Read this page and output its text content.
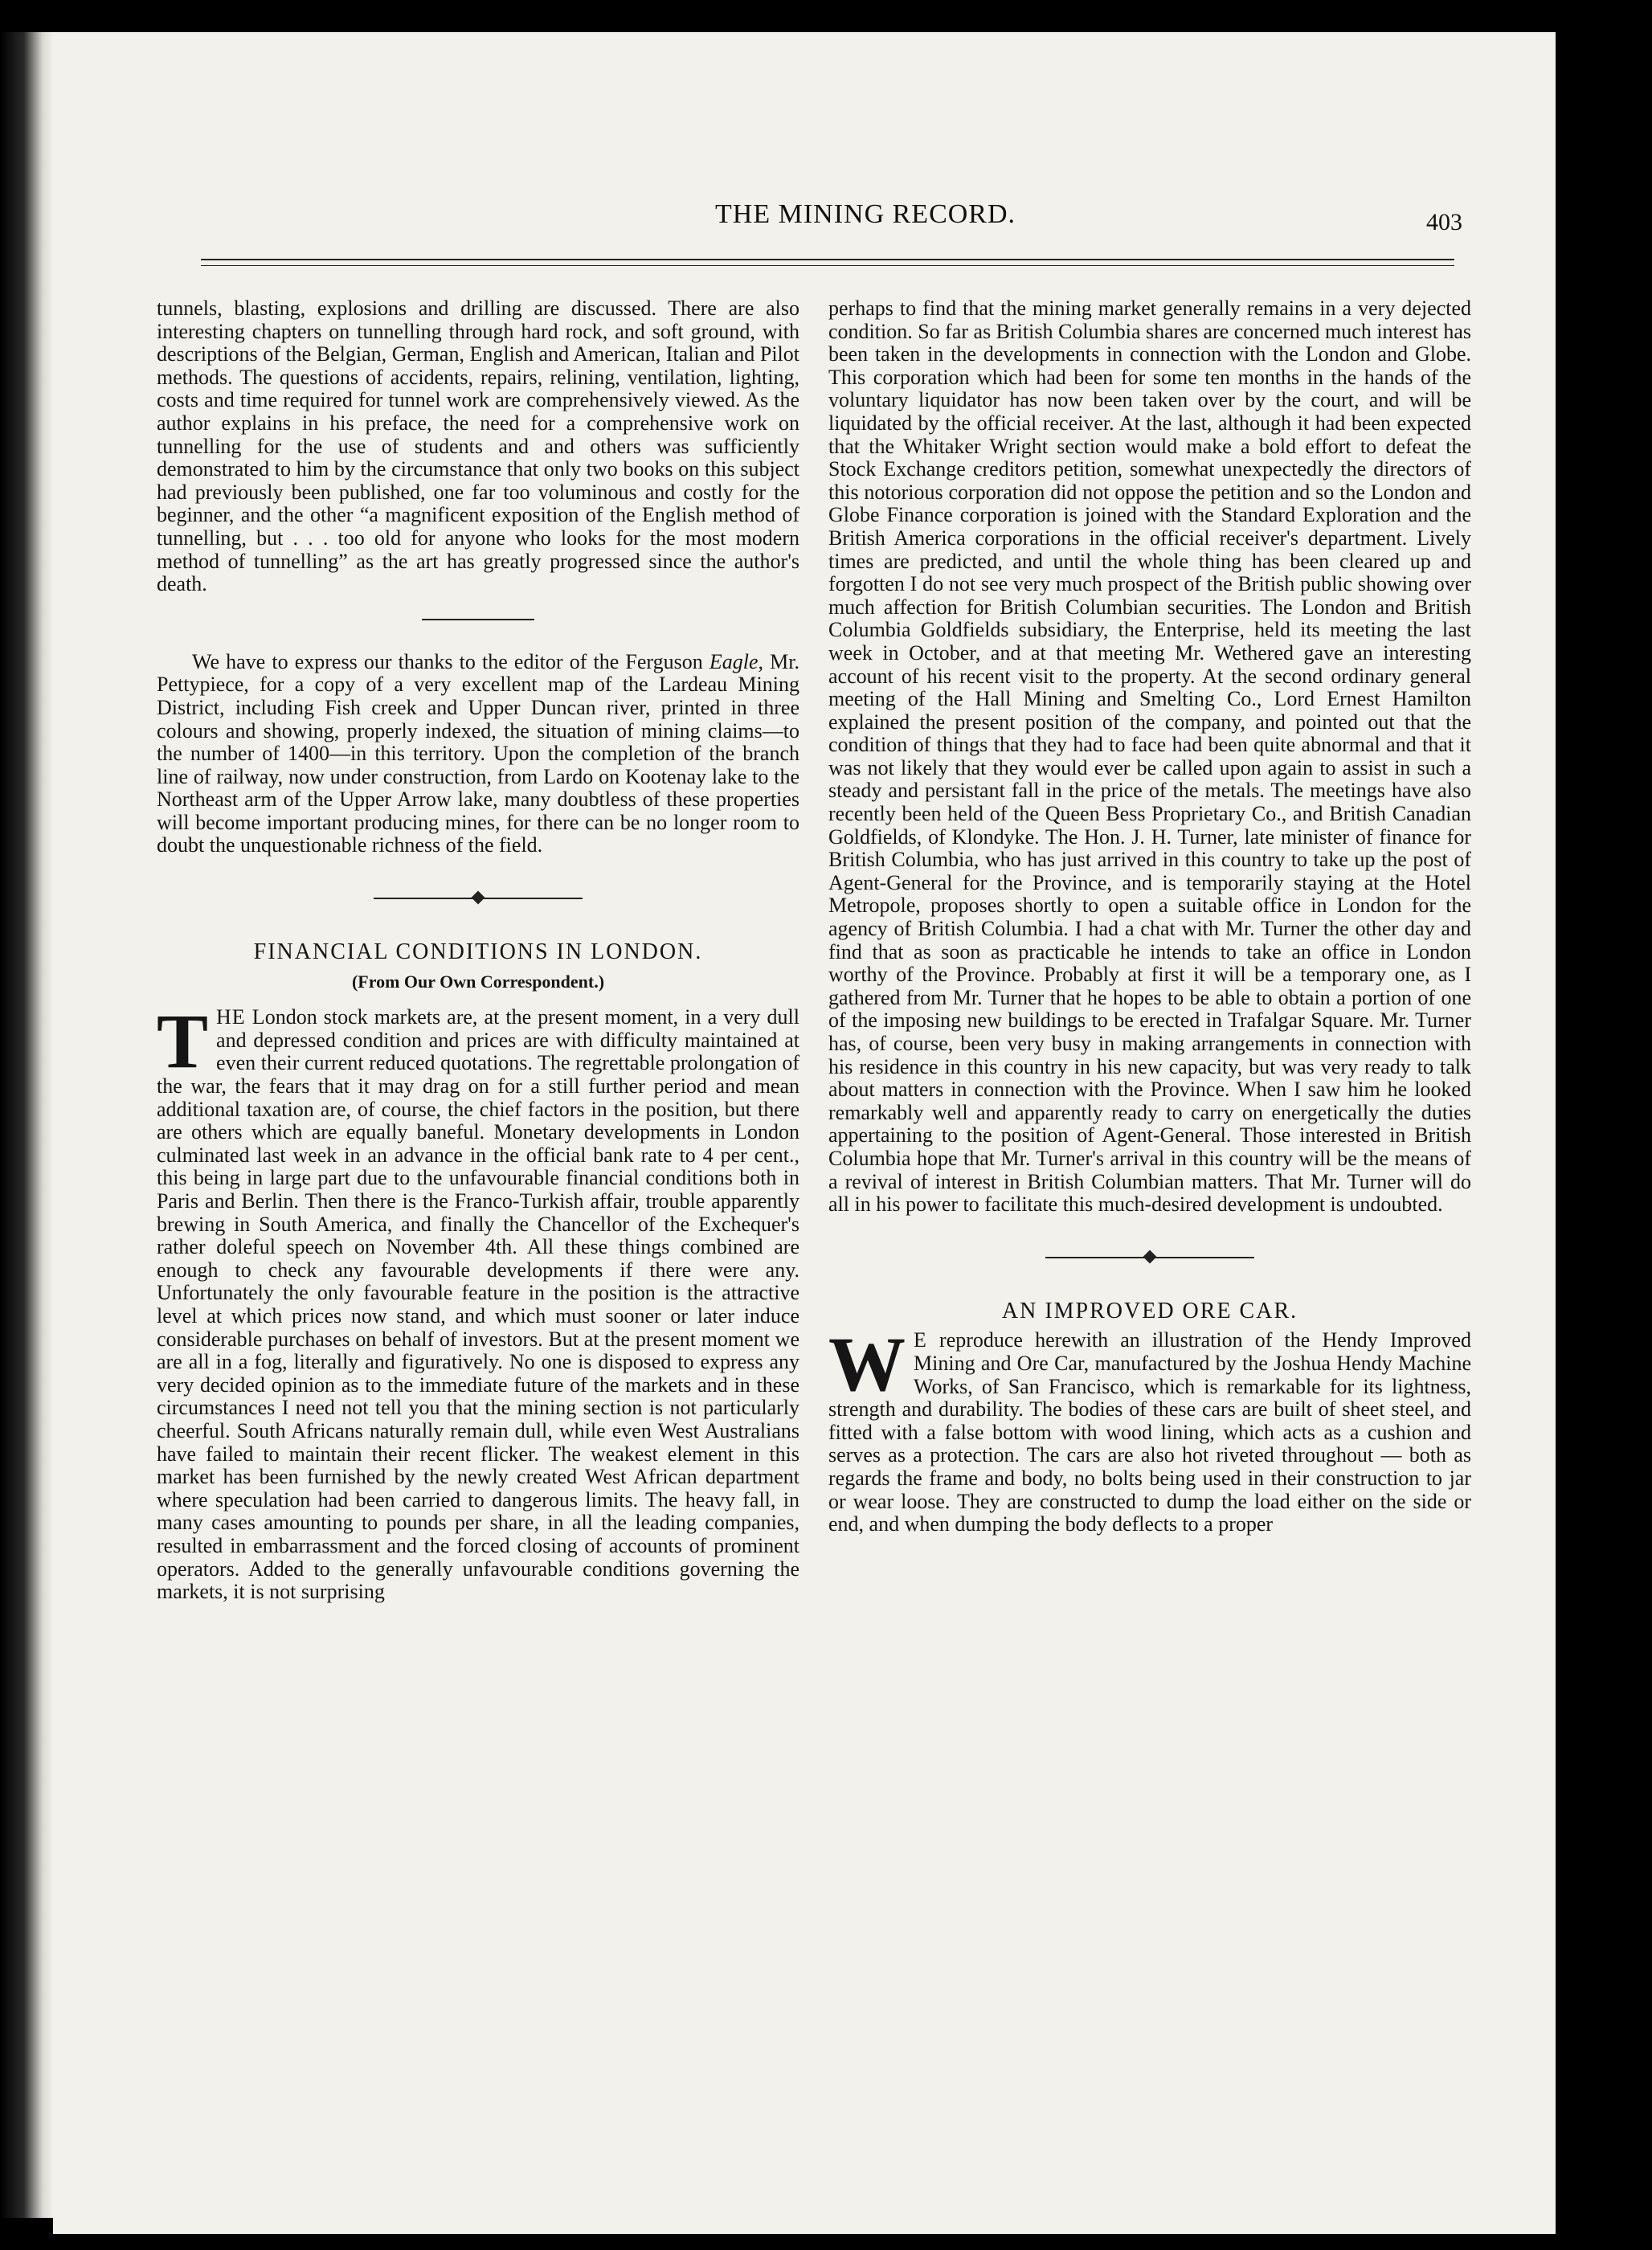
THE MINING RECORD.	403

tunnels, blasting, explosions and drilling are discussed. There are also interesting chapters on tunnelling through hard rock, and soft ground, with descriptions of the Belgian, German, English and American, Italian and Pilot methods. The questions of accidents, repairs, relining, ventilation, lighting, costs and time required for tunnel work are comprehensively viewed. As the author explains in his preface, the need for a comprehensive work on tunnelling for the use of students and and others was sufficiently demonstrated to him by the circumstance that only two books on this subject had previously been published, one far too voluminous and costly for the beginner, and the other “a magnificent exposition of the English method of tunnelling, but . . . too old for anyone who looks for the most modern method of tunnelling” as the art has greatly progressed since the author's death.

We have to express our thanks to the editor of the Ferguson Eagle, Mr. Pettypiece, for a copy of a very excellent map of the Lardeau Mining District, including Fish creek and Upper Duncan river, printed in three colours and showing, properly indexed, the situation of mining claims—to the number of 1400—in this territory. Upon the completion of the branch line of railway, now under construction, from Lardo on Kootenay lake to the Northeast arm of the Upper Arrow lake, many doubtless of these properties will become important producing mines, for there can be no longer room to doubt the unquestionable richness of the field.

FINANCIAL CONDITIONS IN LONDON.
(From Our Own Correspondent.)

THE London stock markets are, at the present moment, in a very dull and depressed condition and prices are with difficulty maintained at even their current reduced quotations. The regrettable prolongation of the war, the fears that it may drag on for a still further period and mean additional taxation are, of course, the chief factors in the position, but there are others which are equally baneful. Monetary developments in London culminated last week in an advance in the official bank rate to 4 per cent., this being in large part due to the unfavourable financial conditions both in Paris and Berlin. Then there is the Franco-Turkish affair, trouble apparently brewing in South America, and finally the Chancellor of the Exchequer's rather doleful speech on November 4th. All these things combined are enough to check any favourable developments if there were any. Unfortunately the only favourable feature in the position is the attractive level at which prices now stand, and which must sooner or later induce considerable purchases on behalf of investors. But at the present moment we are all in a fog, literally and figuratively. No one is disposed to express any very decided opinion as to the immediate future of the markets and in these circumstances I need not tell you that the mining section is not particularly cheerful. South Africans naturally remain dull, while even West Australians have failed to maintain their recent flicker. The weakest element in this market has been furnished by the newly created West African department where speculation had been carried to dangerous limits. The heavy fall, in many cases amounting to pounds per share, in all the leading companies, resulted in embarrassment and the forced closing of accounts of prominent operators. Added to the generally unfavourable conditions governing the markets, it is not surprising

perhaps to find that the mining market generally remains in a very dejected condition. So far as British Columbia shares are concerned much interest has been taken in the developments in connection with the London and Globe. This corporation which had been for some ten months in the hands of the voluntary liquidator has now been taken over by the court, and will be liquidated by the official receiver. At the last, although it had been expected that the Whitaker Wright section would make a bold effort to defeat the Stock Exchange creditors petition, somewhat unexpectedly the directors of this notorious corporation did not oppose the petition and so the London and Globe Finance corporation is joined with the Standard Exploration and the British America corporations in the official receiver's department. Lively times are predicted, and until the whole thing has been cleared up and forgotten I do not see very much prospect of the British public showing over much affection for British Columbian securities. The London and British Columbia Goldfields subsidiary, the Enterprise, held its meeting the last week in October, and at that meeting Mr. Wethered gave an interesting account of his recent visit to the property. At the second ordinary general meeting of the Hall Mining and Smelting Co., Lord Ernest Hamilton explained the present position of the company, and pointed out that the condition of things that they had to face had been quite abnormal and that it was not likely that they would ever be called upon again to assist in such a steady and persistant fall in the price of the metals. The meetings have also recently been held of the Queen Bess Proprietary Co., and British Canadian Goldfields, of Klondyke. The Hon. J. H. Turner, late minister of finance for British Columbia, who has just arrived in this country to take up the post of Agent-General for the Province, and is temporarily staying at the Hotel Metropole, proposes shortly to open a suitable office in London for the agency of British Columbia. I had a chat with Mr. Turner the other day and find that as soon as practicable he intends to take an office in London worthy of the Province. Probably at first it will be a temporary one, as I gathered from Mr. Turner that he hopes to be able to obtain a portion of one of the imposing new buildings to be erected in Trafalgar Square. Mr. Turner has, of course, been very busy in making arrangements in connection with his residence in this country in his new capacity, but was very ready to talk about matters in connection with the Province. When I saw him he looked remarkably well and apparently ready to carry on energetically the duties appertaining to the position of Agent-General. Those interested in British Columbia hope that Mr. Turner's arrival in this country will be the means of a revival of interest in British Columbian matters. That Mr. Turner will do all in his power to facilitate this much-desired development is undoubted.

AN IMPROVED ORE CAR.

W E reproduce herewith an illustration of the Hendy Improved Mining and Ore Car, manufactured by the Joshua Hendy Machine Works, of San Francisco, which is remarkable for its lightness, strength and durability. The bodies of these cars are built of sheet steel, and fitted with a false bottom with wood lining, which acts as a cushion and serves as a protection. The cars are also hot riveted throughout — both as regards the frame and body, no bolts being used in their construction to jar or wear loose. They are constructed to dump the load either on the side or end, and when dumping the body deflects to a proper
